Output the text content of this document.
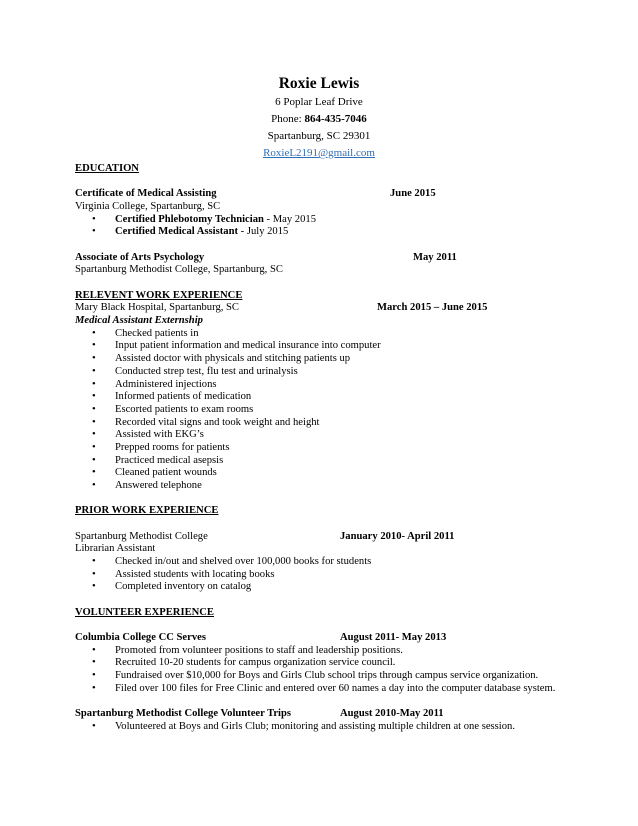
Roxie Lewis
6 Poplar Leaf Drive
Phone: 864-435-7046
Spartanburg, SC 29301
RoxieL2191@gmail.com
EDUCATION
Certificate of Medical Assisting	June 2015
Virginia College, Spartanburg, SC
• Certified Phlebotomy Technician - May 2015
• Certified Medical Assistant - July 2015
Associate of Arts Psychology	May 2011
Spartanburg Methodist College, Spartanburg, SC
RELEVENT WORK EXPERIENCE
Mary Black Hospital, Spartanburg, SC	March 2015 – June 2015
Medical Assistant Externship
• Checked patients in
• Input patient information and medical insurance into computer
• Assisted doctor with physicals and stitching patients up
• Conducted strep test, flu test and urinalysis
• Administered injections
• Informed patients of medication
• Escorted patients to exam rooms
• Recorded vital signs and took weight and height
• Assisted with EKG’s
• Prepped rooms for patients
• Practiced medical asepsis
• Cleaned patient wounds
• Answered telephone
PRIOR WORK EXPERIENCE
Spartanburg Methodist College	January 2010- April 2011
Librarian Assistant
• Checked in/out and shelved over 100,000 books for students
• Assisted students with locating books
• Completed inventory on catalog
VOLUNTEER EXPERIENCE
Columbia College CC Serves	August 2011- May 2013
• Promoted from volunteer positions to staff and leadership positions.
• Recruited 10-20 students for campus organization service council.
• Fundraised over $10,000 for Boys and Girls Club school trips through campus service organization.
• Filed over 100 files for Free Clinic and entered over 60 names a day into the computer database system.
Spartanburg Methodist College Volunteer Trips	August 2010-May 2011
• Volunteered at Boys and Girls Club; monitoring and assisting multiple children at one session.
